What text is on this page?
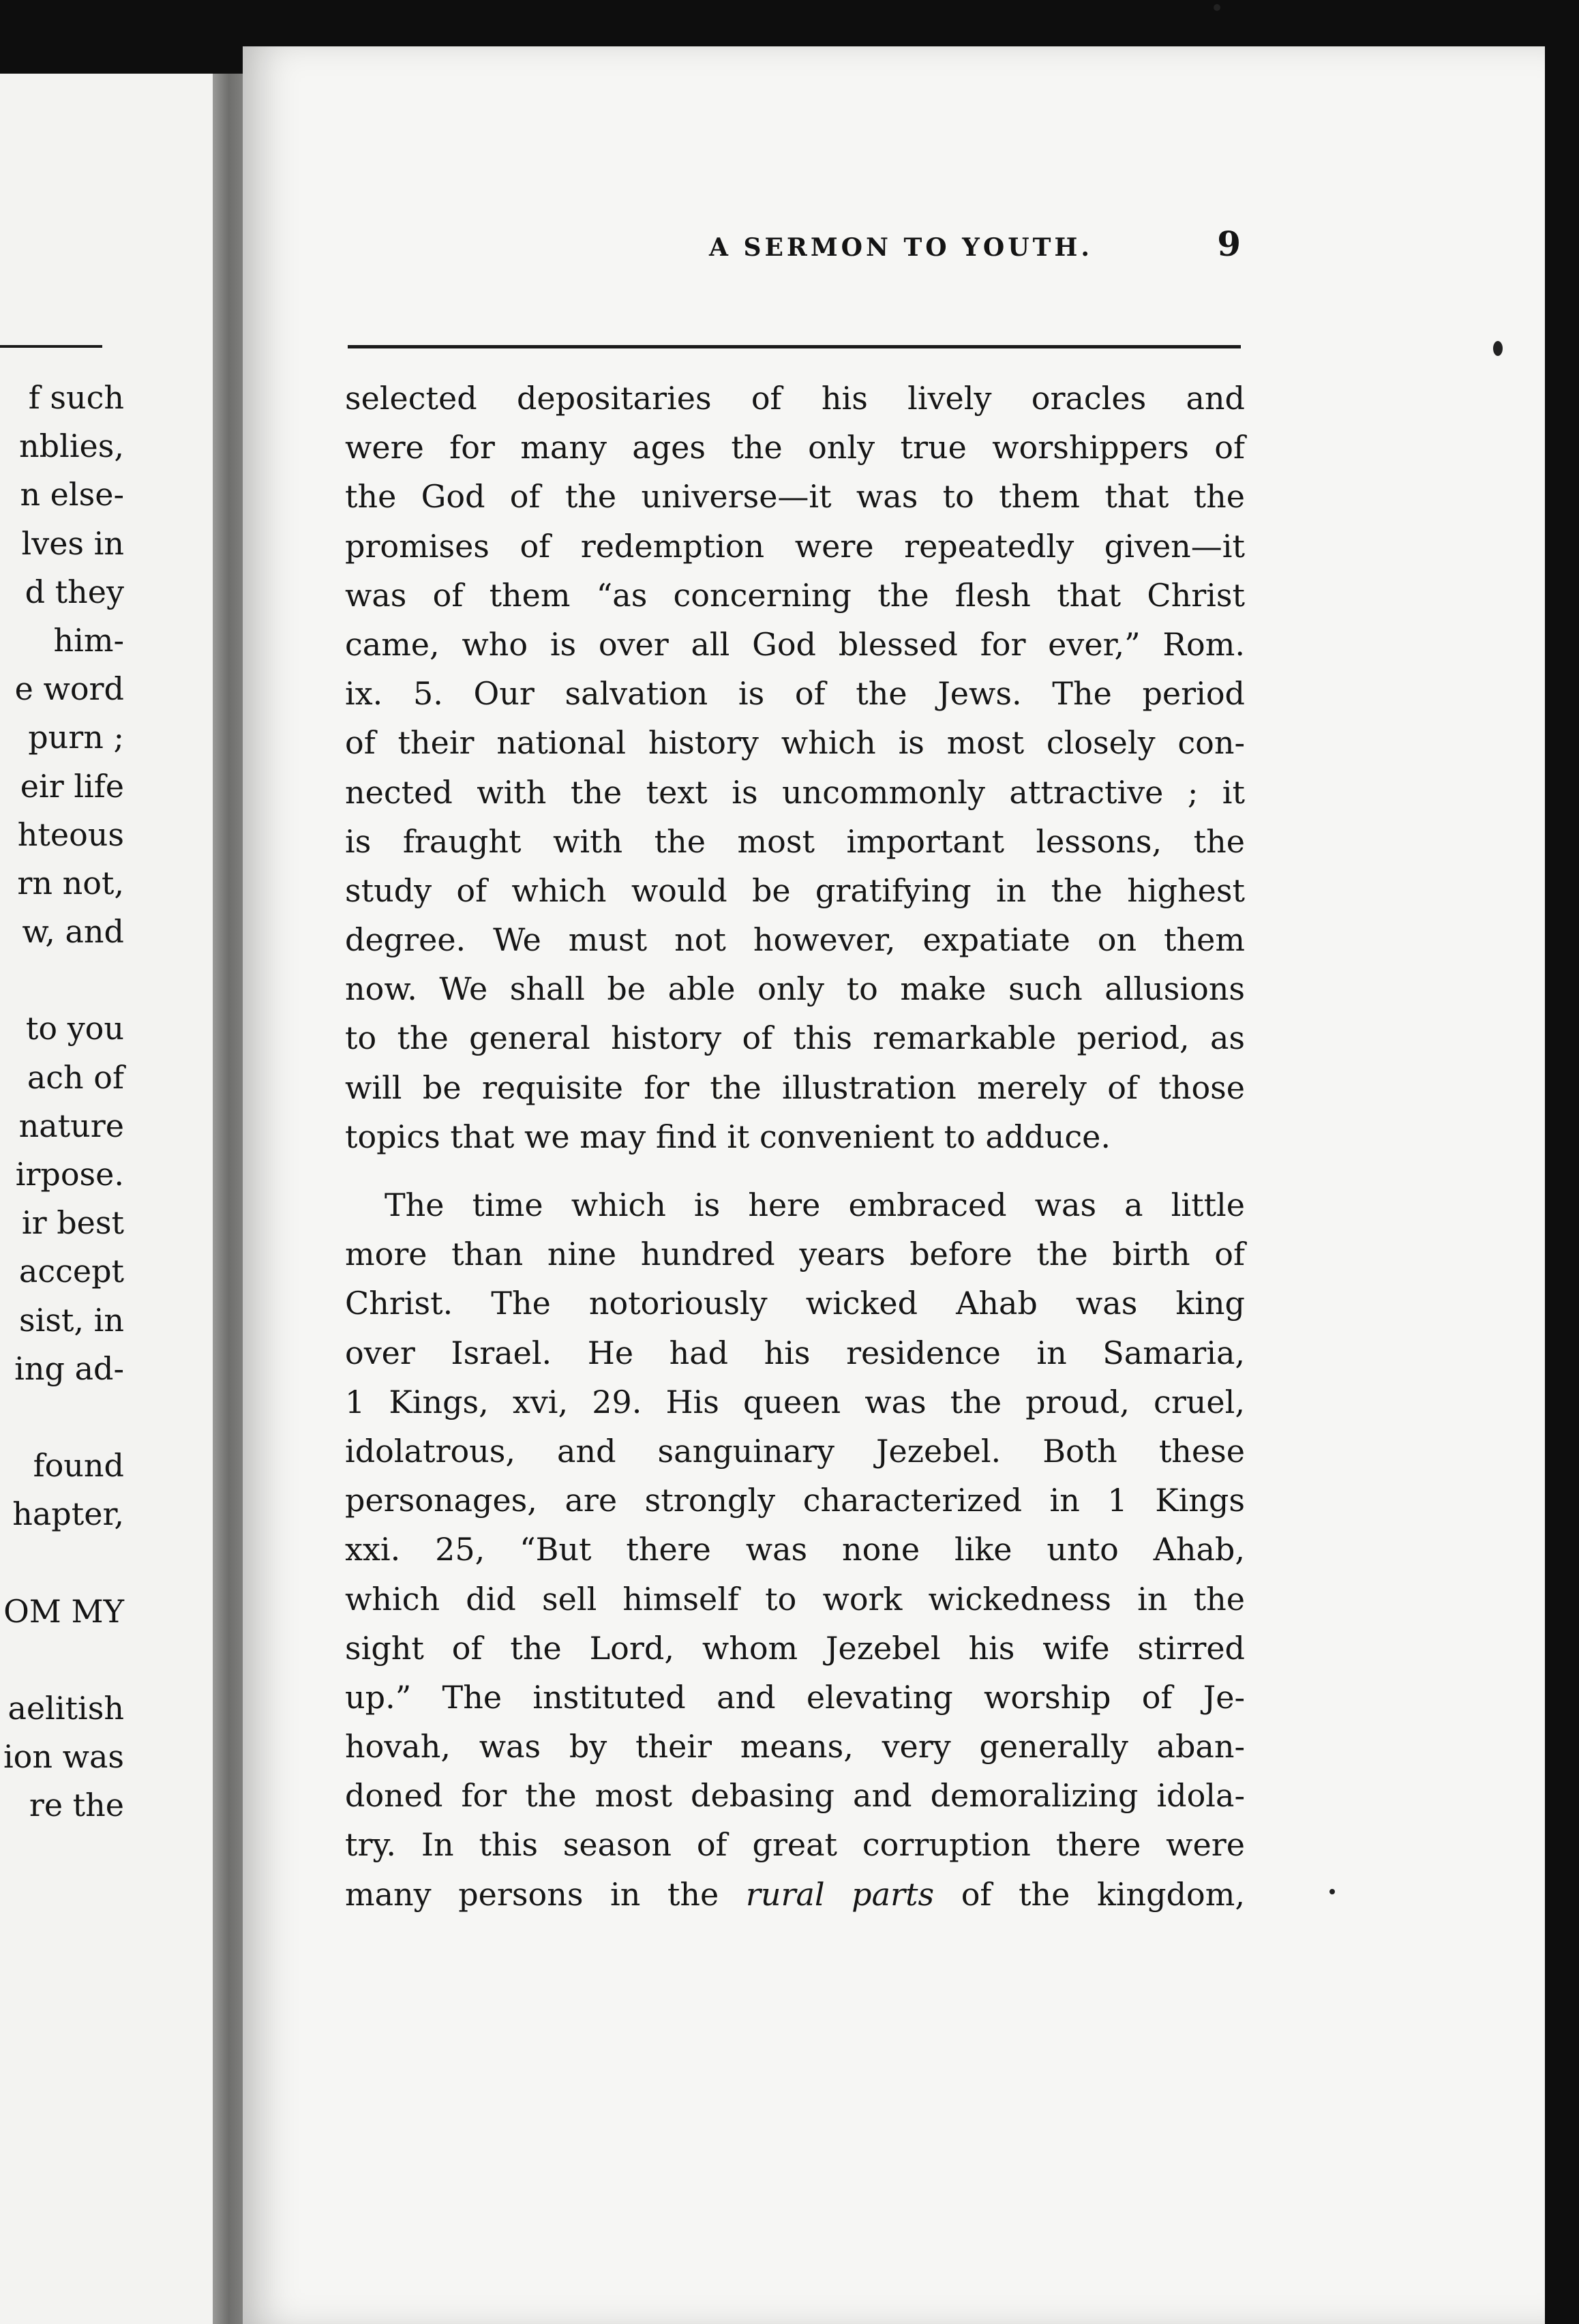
f such
nblies,
n else-
lves in
d they
him-
e word
purn ;
eir life
hteous
rn not,
w, and
to you
ach of
nature
irpose.
ir best
accept
sist, in
ing ad-
found
hapter,
OM MY
aelitish
ion was
re the
A SERMON TO YOUTH.	9
selected depositaries of his lively oracles and
were for many ages the only true worshippers of
the God of the universe—it was to them that the
promises of redemption were repeatedly given—it
was of them “as concerning the flesh that Christ
came, who is over all God blessed for ever,” Rom.
ix. 5. Our salvation is of the Jews. The period
of their national history which is most closely con-
nected with the text is uncommonly attractive ; it
is fraught with the most important lessons, the
study of which would be gratifying in the highest
degree. We must not however, expatiate on them
now. We shall be able only to make such allusions
to the general history of this remarkable period, as
will be requisite for the illustration merely of those
topics that we may find it convenient to adduce.
The time which is here embraced was a little
more than nine hundred years before the birth of
Christ. The notoriously wicked Ahab was king
over Israel. He had his residence in Samaria,
1 Kings, xvi, 29. His queen was the proud, cruel,
idolatrous, and sanguinary Jezebel. Both these
personages, are strongly characterized in 1 Kings
xxi. 25, “But there was none like unto Ahab,
which did sell himself to work wickedness in the
sight of the Lord, whom Jezebel his wife stirred
up.” The instituted and elevating worship of Je-
hovah, was by their means, very generally aban-
doned for the most debasing and demoralizing idola-
try. In this season of great corruption there were
many persons in the rural parts of the kingdom,
